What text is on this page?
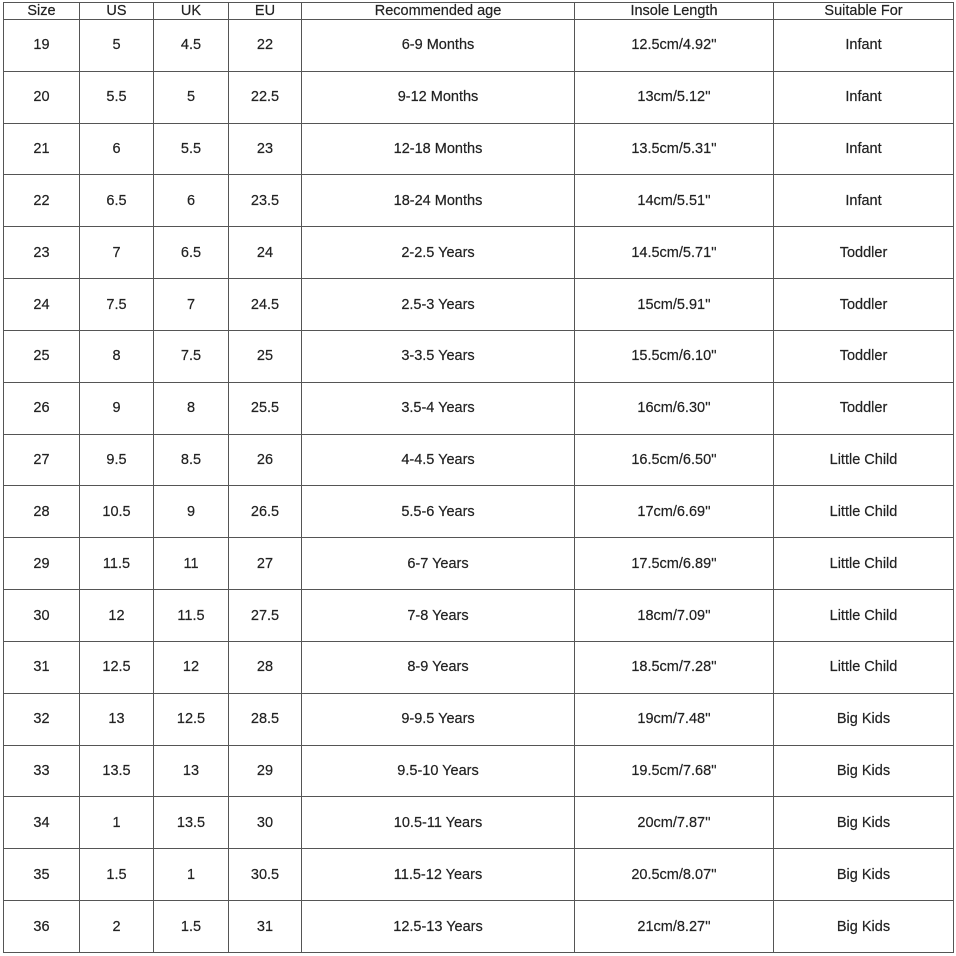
Size	US	UK	EU	Recommended age	Insole Length	Suitable For
19	5	4.5	22	6-9 Months	12.5cm/4.92''	Infant
20	5.5	5	22.5	9-12 Months	13cm/5.12''	Infant
21	6	5.5	23	12-18 Months	13.5cm/5.31''	Infant
22	6.5	6	23.5	18-24 Months	14cm/5.51''	Infant
23	7	6.5	24	2-2.5 Years	14.5cm/5.71''	Toddler
24	7.5	7	24.5	2.5-3 Years	15cm/5.91''	Toddler
25	8	7.5	25	3-3.5 Years	15.5cm/6.10''	Toddler
26	9	8	25.5	3.5-4 Years	16cm/6.30''	Toddler
27	9.5	8.5	26	4-4.5 Years	16.5cm/6.50''	Little Child
28	10.5	9	26.5	5.5-6 Years	17cm/6.69''	Little Child
29	11.5	11	27	6-7 Years	17.5cm/6.89''	Little Child
30	12	11.5	27.5	7-8 Years	18cm/7.09''	Little Child
31	12.5	12	28	8-9 Years	18.5cm/7.28''	Little Child
32	13	12.5	28.5	9-9.5 Years	19cm/7.48''	Big Kids
33	13.5	13	29	9.5-10 Years	19.5cm/7.68''	Big Kids
34	1	13.5	30	10.5-11 Years	20cm/7.87''	Big Kids
35	1.5	1	30.5	11.5-12 Years	20.5cm/8.07''	Big Kids
36	2	1.5	31	12.5-13 Years	21cm/8.27''	Big Kids
